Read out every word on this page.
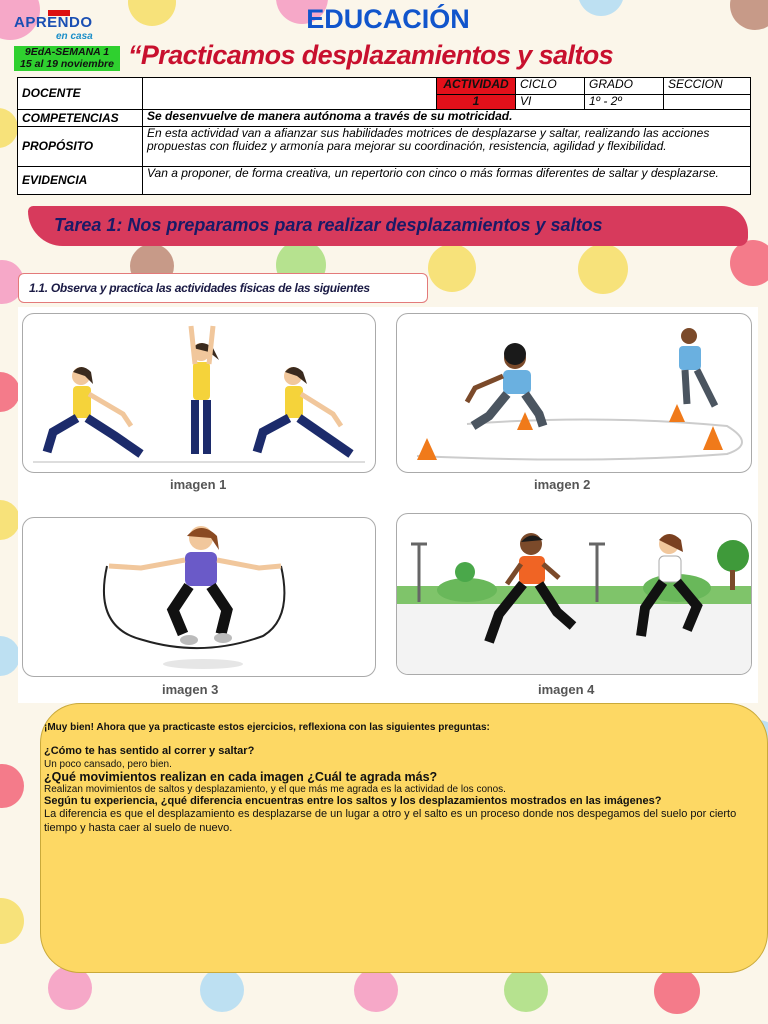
APRENDO
en casa
9EdA-SEMANA 1
15 al 19 noviembre
EDUCACIÓN
“Practicamos desplazamientos y saltos
DOCENTE		ACTIVIDAD	CICLO	GRADO	SECCION
		1	VI	1º - 2º	
COMPETENCIAS	Se desenvuelve de manera autónoma a través de su motricidad.				
PROPÓSITO	En esta actividad van a afianzar sus habilidades motrices de desplazarse y saltar, realizando las acciones propuestas con fluidez y armonía para mejorar su coordinación, resistencia, agilidad y flexibilidad.				
EVIDENCIA	Van a proponer, de forma creativa, un repertorio con cinco o más formas diferentes de saltar y desplazarse.				
Tarea 1: Nos preparamos para realizar desplazamientos y saltos
1.1. Observa y practica las actividades físicas de las siguientes
imagen 1	imagen 2
imagen 3	imagen 4
¡Muy bien! Ahora que ya practicaste estos ejercicios, reflexiona con las siguientes preguntas:
¿Cómo te has sentido al correr y saltar?
Un poco cansado, pero bien.
¿Qué movimientos realizan en cada imagen ¿Cuál te agrada más?
Realizan movimientos de saltos y desplazamiento, y el que más me agrada es la actividad de los conos.
Según tu experiencia, ¿qué diferencia encuentras entre los saltos y los desplazamientos mostrados en las imágenes?
La diferencia es que el desplazamiento es desplazarse de un lugar a otro y el salto es un proceso donde nos despegamos del suelo por cierto tiempo y hasta caer al suelo de nuevo.
